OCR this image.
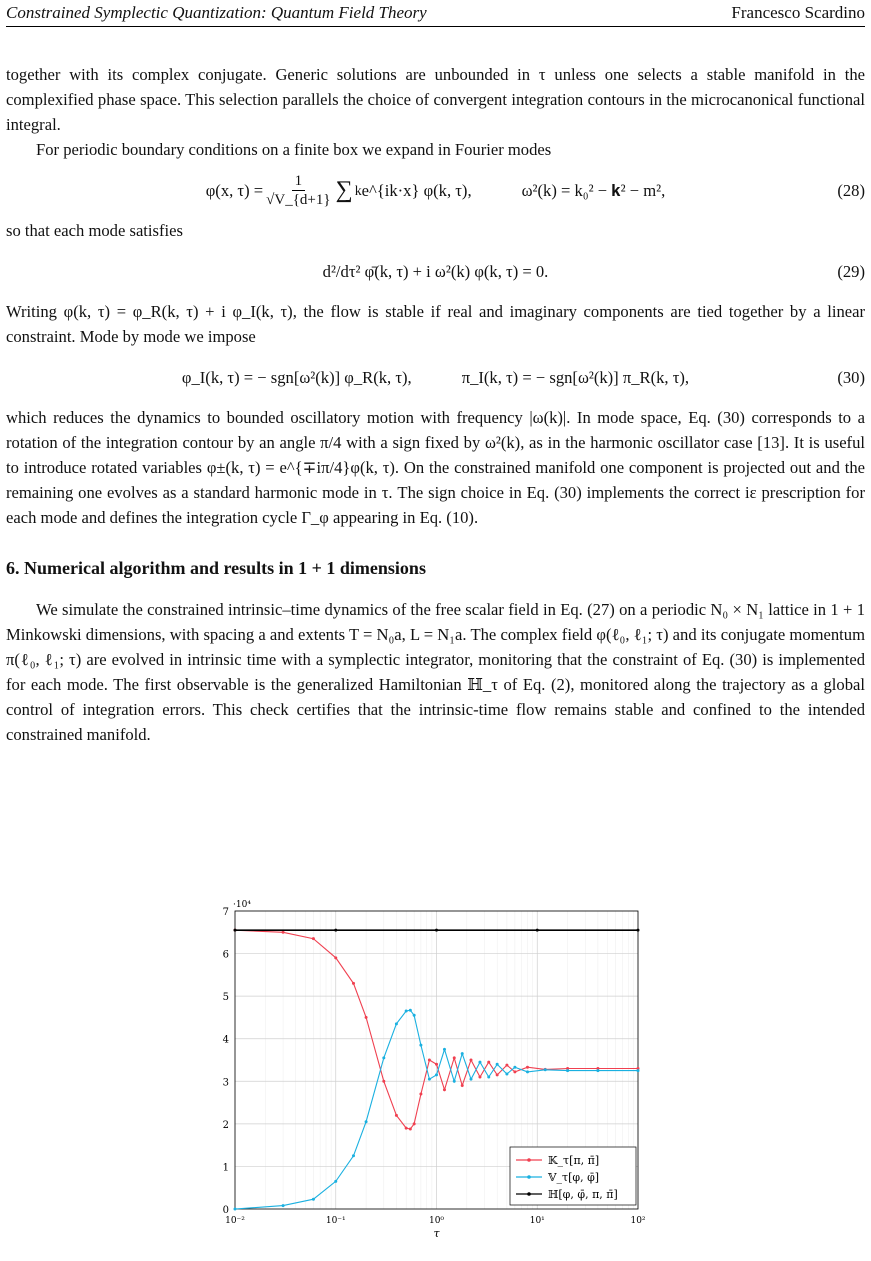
Constrained Symplectic Quantization: Quantum Field Theory	Francesco Scardino

together with its complex conjugate. Generic solutions are unbounded in τ unless one selects a stable manifold in the complexified phase space. This selection parallels the choice of convergent integration contours in the microcanonical functional integral.

For periodic boundary conditions on a finite box we expand in Fourier modes

φ(x, $\tau) = \frac{1}{√V\_\{d+1\}}$ ∑ k e^{ik·x} φ(k, τ),	ω²(k) = k₀² − 𝐤² − m²,	(28)

so that each mode satisfies

d²/dτ² φ̄(k, τ) + i ω²(k) φ(k, τ) = 0.	(29)

Writing φ(k, τ) = φ_R(k, τ) + i φ_I(k, τ), the flow is stable if real and imaginary components are tied together by a linear constraint. Mode by mode we impose

φ_I(k, τ) = − sgn[ω²(k)] φ_R(k, τ),	π_I(k, τ) = − sgn[ω²(k)] π_R(k, τ),	(30)

which reduces the dynamics to bounded oscillatory motion with frequency |ω(k)|. In mode space, Eq. (30) corresponds to a rotation of the integration contour by an angle π/4 with a sign fixed by ω²(k), as in the harmonic oscillator case [13]. It is useful to introduce rotated variables φ±(k, τ) = e^{∓iπ/4}φ(k, τ). On the constrained manifold one component is projected out and the remaining one evolves as a standard harmonic mode in τ. The sign choice in Eq. (30) implements the correct iε prescription for each mode and defines the integration cycle Γ_φ appearing in Eq. (10).

6. Numerical algorithm and results in 1 + 1 dimensions

We simulate the constrained intrinsic–time dynamics of the free scalar field in Eq. (27) on a periodic N₀ × N₁ lattice in 1 + 1 Minkowski dimensions, with spacing a and extents T = N₀a, L = N₁a. The complex field φ(ℓ₀, ℓ₁; τ) and its conjugate momentum π(ℓ₀, ℓ₁; τ) are evolved in intrinsic time with a symplectic integrator, monitoring that the constraint of Eq. (30) is implemented for each mode. The first observable is the generalized Hamiltonian ℍ_τ of Eq. (2), monitored along the trajectory as a global control of integration errors. This check certifies that the intrinsic-time flow remains stable and confined to the intended constrained manifold.

0
1
2
3
4
5
6
7
10⁻²	10⁻¹	10⁰	10¹	10²
·10⁴
τ
𝕂_τ[π, π̄]
𝕍_τ[φ, φ̄]
ℍ[φ, φ̄, π, π̄]
